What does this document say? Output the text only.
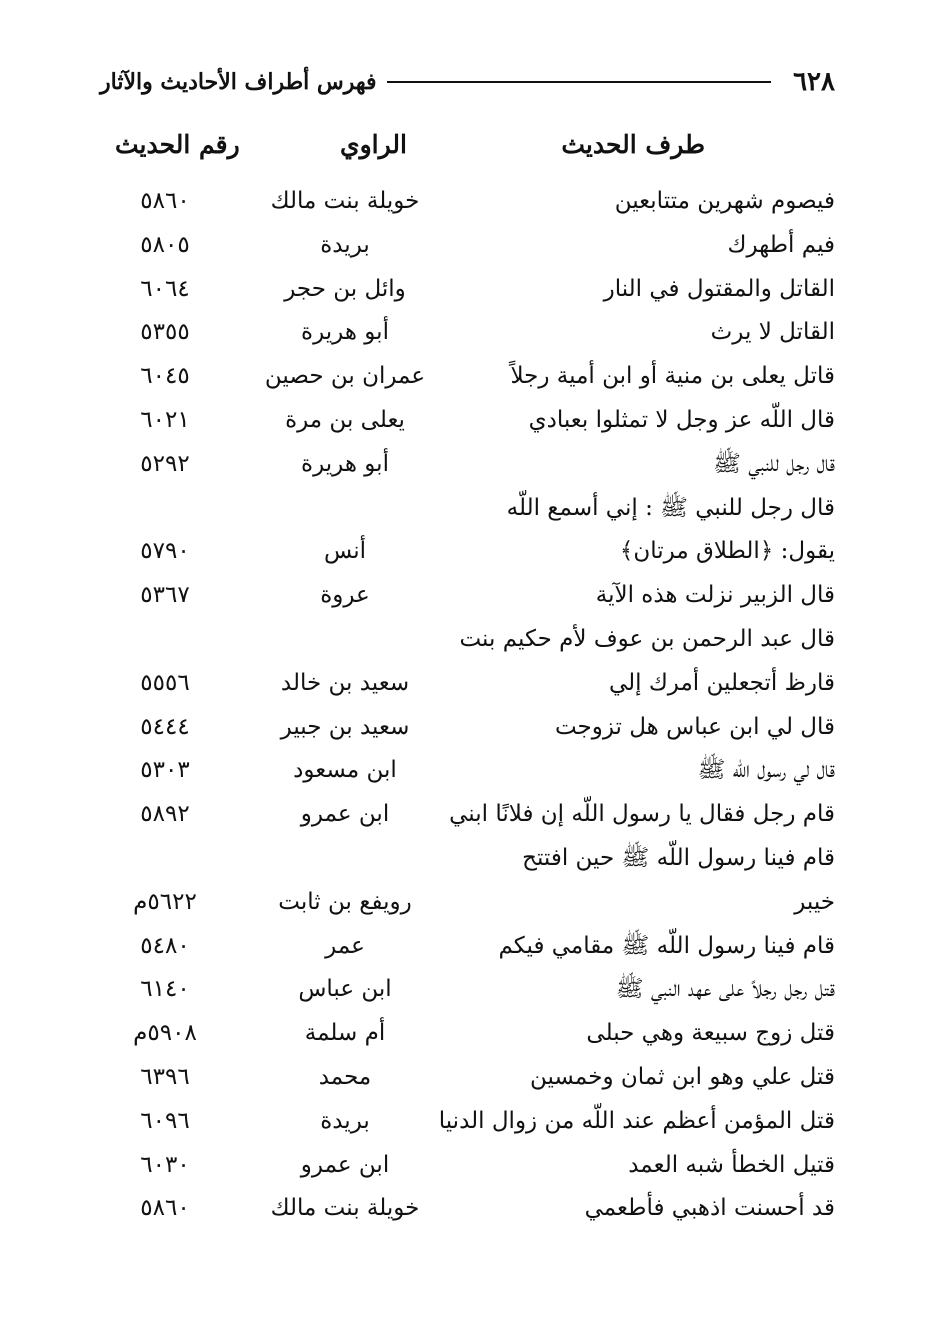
٦٢٨
فهرس أطراف الأحاديث والآثار
طرف الحديث
الراوي
رقم الحديث
فيصوم شهرين متتابعين
خويلة بنت مالك
٥٨٦٠
فيم أطهرك
بريدة
٥٨٠٥
القاتل والمقتول في النار
وائل بن حجر
٦٠٦٤
القاتل لا يرث
أبو هريرة
٥٣٥٥
قاتل يعلى بن منية أو ابن أمية رجلاً
عمران بن حصين
٦٠٤٥
قال اللّه عز وجل لا تمثلوا بعبادي
يعلى بن مرة
٦٠٢١
قال رجل للنبي ﷺ
أبو هريرة
٥٢٩٢
قال رجل للنبي ﷺ : إني أسمع اللّه
يقول: ﴿الطلاق مرتان﴾
أنس
٥٧٩٠
قال الزبير نزلت هذه الآية
عروة
٥٣٦٧
قال عبد الرحمن بن عوف لأم حكيم بنت
قارظ أتجعلين أمرك إلي
سعيد بن خالد
٥٥٥٦
قال لي ابن عباس هل تزوجت
سعيد بن جبير
٥٤٤٤
قال لي رسول اللّه ﷺ
ابن مسعود
٥٣٠٣
قام رجل فقال يا رسول اللّه إن فلانًا ابني
ابن عمرو
٥٨٩٢
قام فينا رسول اللّه ﷺ حين افتتح
خيبر
رويفع بن ثابت
٥٦٢٢م
قام فينا رسول اللّه ﷺ مقامي فيكم
عمر
٥٤٨٠
قتل رجل رجلاً على عهد النبي ﷺ
ابن عباس
٦١٤٠
قتل زوج سبيعة وهي حبلى
أم سلمة
٥٩٠٨م
قتل علي وهو ابن ثمان وخمسين
محمد
٦٣٩٦
قتل المؤمن أعظم عند اللّه من زوال الدنيا
بريدة
٦٠٩٦
قتيل الخطأ شبه العمد
ابن عمرو
٦٠٣٠
قد أحسنت اذهبي فأطعمي
خويلة بنت مالك
٥٨٦٠
